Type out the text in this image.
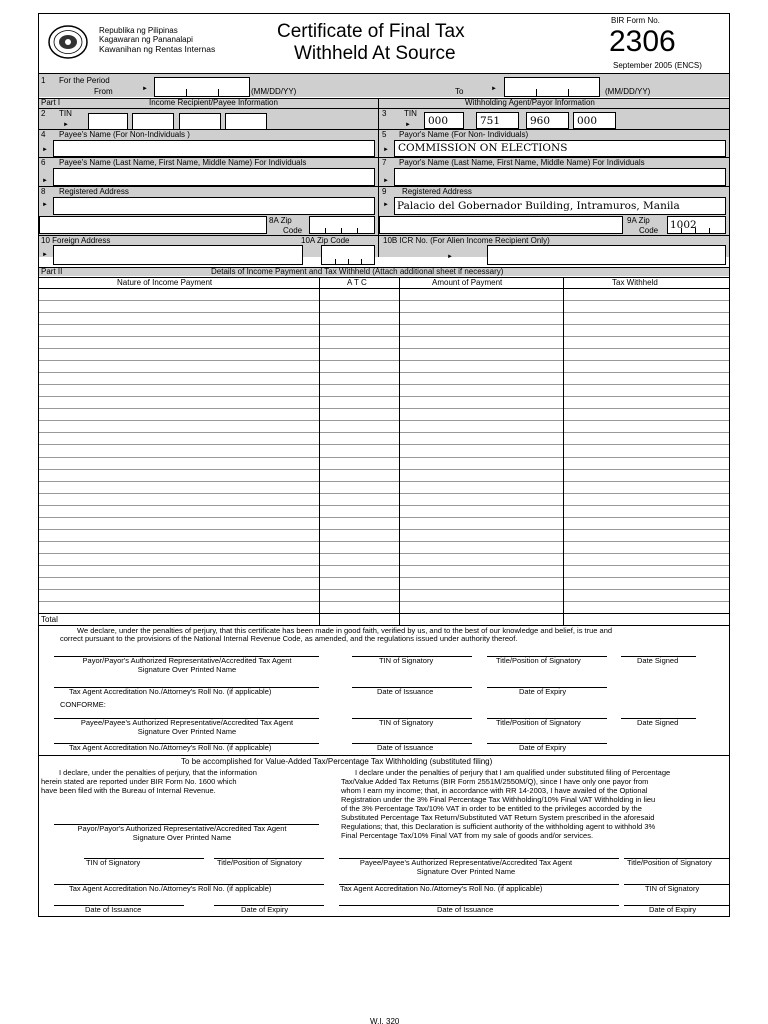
Republika ng Pilipinas
Kagawaran ng Pananalapi
Kawanihan ng Rentas Internas
Certificate of Final Tax
Withheld At Source
BIR Form No.
2306
September 2005 (ENCS)
1 For the Period
From	►	(MM/DD/YY)	To	►	(MM/DD/YY)
Part I	Income Recipient/Payee Information	Withholding Agent/Payor Information
2 TIN
►
3 TIN
► 000	751	960	000
4 Payee's Name (For Non-Individuals )
►
5 Payor's Name (For Non- Individuals)
► COMMISSION ON ELECTIONS
6 Payee's Name (Last Name, First Name, Middle Name) For Individuals
►
7 Payor's Name (Last Name, First Name, Middle Name) For Individuals
►
8 Registered Address
►
8A Zip
Code
9 Registered Address
► Palacio del Gobernador Building, Intramuros, Manila
9A Zip
Code 1002
10 Foreign Address	10A Zip Code	10B ICR No. (For Alien Income Recipient Only)
►	►
Part II	Details of Income Payment and Tax Withheld (Attach additional sheet if necessary)
Nature of Income Payment	A T C	Amount of Payment	Tax Withheld
Total
We declare, under the penalties of perjury, that this certificate has been made in good faith, verified by us, and to the best of our knowledge and belief, is true and
correct pursuant to the provisions of the National Internal Revenue Code, as amended, and the regulations issued under authority thereof.
Payor/Payor's Authorized Representative/Accredited Tax Agent
Signature Over Printed Name
TIN of Signatory	Title/Position of Signatory	Date Signed
Tax Agent Accreditation No./Attorney's Roll No. (if applicable)	Date of Issuance	Date of Expiry
CONFORME:
Payee/Payee's Authorized Representative/Accredited Tax Agent
Signature Over Printed Name
TIN of Signatory	Title/Position of Signatory	Date Signed
Tax Agent Accreditation No./Attorney's Roll No. (if applicable)	Date of Issuance	Date of Expiry
To be accomplished for Value-Added Tax/Percentage Tax Withholding (substituted filing)
I declare, under the penalties of perjury, that the information
herein stated are reported under BIR Form No. 1600 which
have been filed with the Bureau of Internal Revenue.
I declare under the penalties of perjury that I am qualified under substituted filing of Percentage
Tax/Value Added Tax Returns (BIR Form 2551M/2550M/Q), since I have only one payor from
whom I earn my income; that, in accordance with RR 14-2003, I have availed of the Optional
Registration under the 3% Final Percentage Tax Withholding/10% Final VAT Withholding in lieu
of the 3% Percentage Tax/10% VAT in order to be entitled to the privileges accorded by the
Substituted Percentage Tax Return/Substituted VAT Return System prescribed in the aforesaid
Regulations; that, this Declaration is sufficient authority of the withholding agent to withhold 3%
Final Percentage Tax/10% Final VAT from my sale of goods and/or services.
Payor/Payor's Authorized Representative/Accredited Tax Agent
Signature Over Printed Name
TIN of Signatory	Title/Position of Signatory	Payee/Payee's Authorized Representative/Accredited Tax Agent
Signature Over Printed Name
Title/Position of Signatory
Tax Agent Accreditation No./Attorney's Roll No. (if applicable)	Tax Agent Accreditation No./Attorney's Roll No. (if applicable)	TIN of Signatory
Date of Issuance	Date of Expiry	Date of Issuance	Date of Expiry
W.I. 320
